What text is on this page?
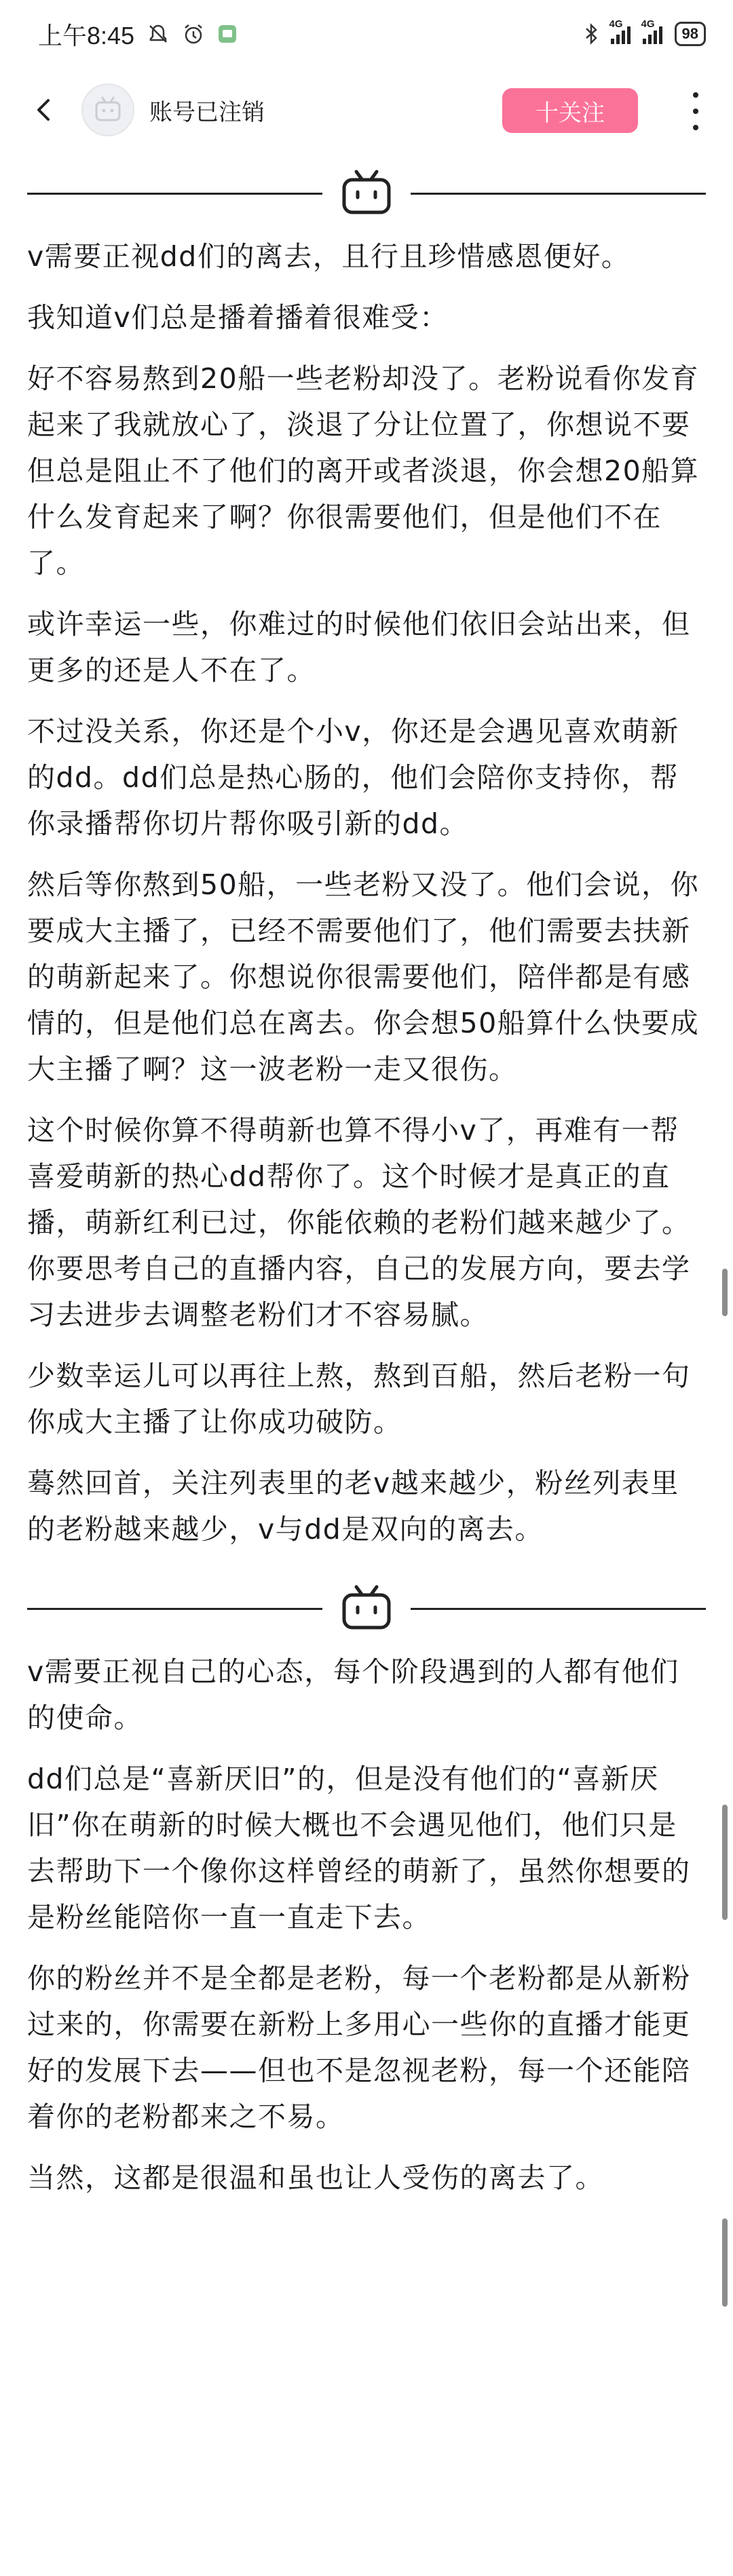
上午8:45	4G 4G
98
账号已注销	十关注

v需要正视dd们的离去，且行且珍惜感恩便好。

我知道v们总是播着播着很难受：

好不容易熬到20船一些老粉却没了。老粉说看你发育起来了我就放心了，淡退了分让位置了，你想说不要但总是阻止不了他们的离开或者淡退，你会想20船算什么发育起来了啊？你很需要他们，但是他们不在了。

或许幸运一些，你难过的时候他们依旧会站出来，但更多的还是人不在了。

不过没关系，你还是个小v，你还是会遇见喜欢萌新的dd。dd们总是热心肠的，他们会陪你支持你，帮你录播帮你切片帮你吸引新的dd。

然后等你熬到50船，一些老粉又没了。他们会说，你要成大主播了，已经不需要他们了，他们需要去扶新的萌新起来了。你想说你很需要他们，陪伴都是有感情的，但是他们总在离去。你会想50船算什么快要成大主播了啊？这一波老粉一走又很伤。

这个时候你算不得萌新也算不得小v了，再难有一帮喜爱萌新的热心dd帮你了。这个时候才是真正的直播，萌新红利已过，你能依赖的老粉们越来越少了。你要思考自己的直播内容，自己的发展方向，要去学习去进步去调整老粉们才不容易腻。

少数幸运儿可以再往上熬，熬到百船，然后老粉一句你成大主播了让你成功破防。

蓦然回首，关注列表里的老v越来越少，粉丝列表里的老粉越来越少，v与dd是双向的离去。

v需要正视自己的心态，每个阶段遇到的人都有他们的使命。

dd们总是“喜新厌旧”的，但是没有他们的“喜新厌旧”你在萌新的时候大概也不会遇见他们，他们只是去帮助下一个像你这样曾经的萌新了，虽然你想要的是粉丝能陪你一直一直走下去。

你的粉丝并不是全都是老粉，每一个老粉都是从新粉过来的，你需要在新粉上多用心一些你的直播才能更好的发展下去——但也不是忽视老粉，每一个还能陪着你的老粉都来之不易。

当然，这都是很温和虽也让人受伤的离去了。
